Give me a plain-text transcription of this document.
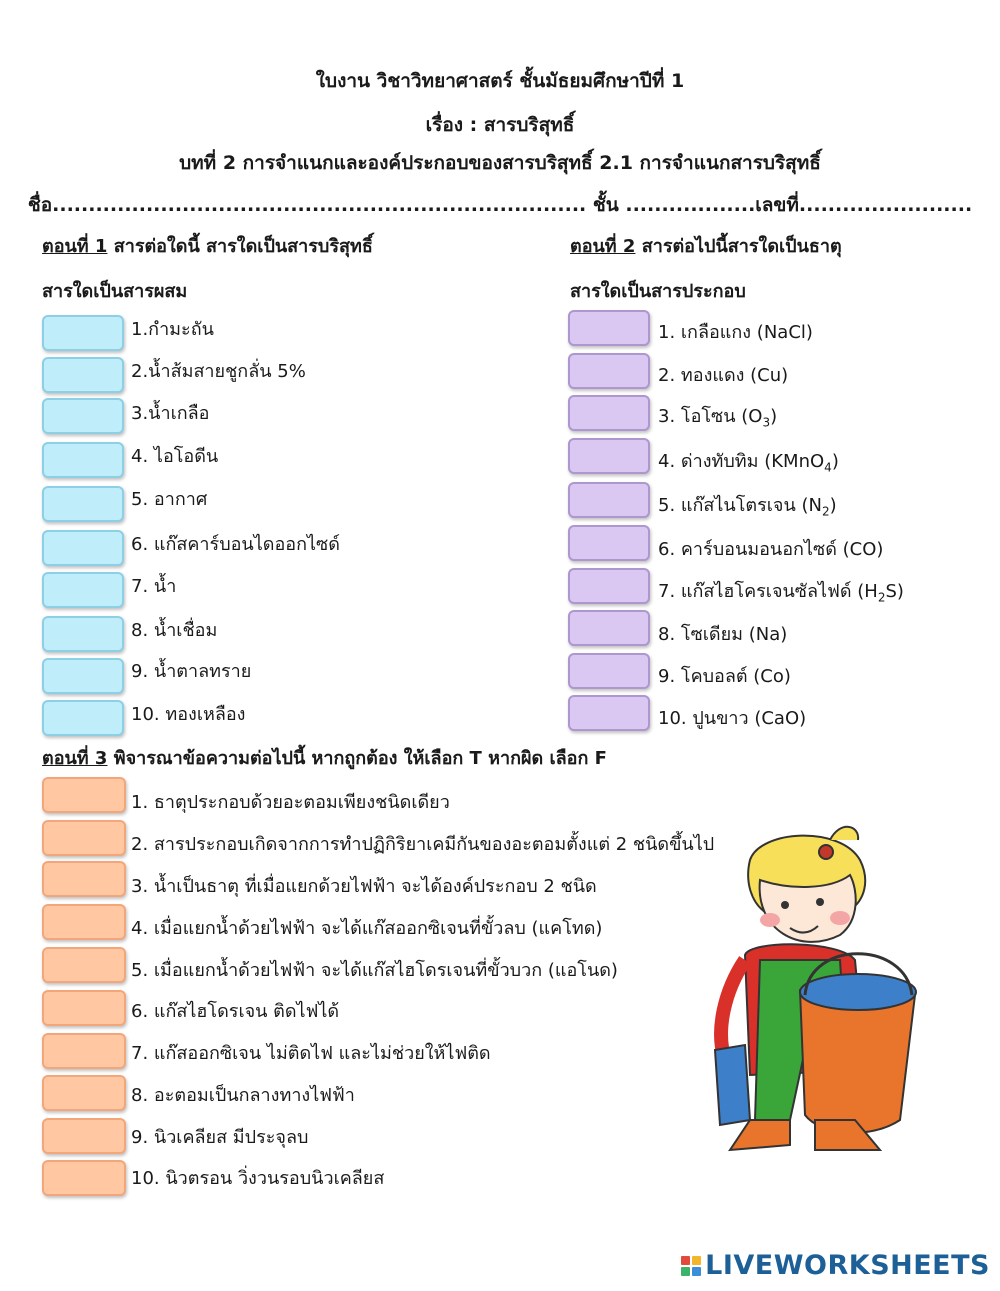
ใบงาน วิชาวิทยาศาสตร์ ชั้นมัธยมศึกษาปีที่ 1
เรื่อง : สารบริสุทธิ์
บทที่ 2 การจำแนกและองค์ประกอบของสารบริสุทธิ์ 2.1 การจำแนกสารบริสุทธิ์
ชื่อ.......................................................................... ชั้น ..................เลขที่........................
ตอนที่ 1 สารต่อใดนี้ สารใดเป็นสารบริสุทธิ์
สารใดเป็นสารผสม
1.กำมะถัน
2.น้ำส้มสายชูกลั่น 5%
3.น้ำเกลือ
4. ไอโอดีน
5. อากาศ
6. แก๊สคาร์บอนไดออกไซด์
7. น้ำ
8. น้ำเชื่อม
9. น้ำตาลทราย
10. ทองเหลือง
ตอนที่ 2 สารต่อไปนี้สารใดเป็นธาตุ
สารใดเป็นสารประกอบ
1. เกลือแกง (NaCl)
2. ทองแดง (Cu)
3. โอโซน $(O_3)$
4. ด่างทับทิม (KMnO$_4$)
5. แก๊สไนโตรเจน $(N_2)$
6. คาร์บอนมอนอกไซด์ (CO)
7. แก๊สไฮโครเจนซัลไฟด์ $(H_2S)$
8. โซเดียม (Na)
9. โคบอลต์ (Co)
10. ปูนขาว (CaO)
ตอนที่ 3 พิจารณาข้อความต่อไปนี้ หากถูกต้อง ให้เลือก T หากผิด เลือก F
1. ธาตุประกอบด้วยอะตอมเพียงชนิดเดียว
2. สารประกอบเกิดจากการทำปฏิกิริยาเคมีกันของอะตอมตั้งแต่ 2 ชนิดขึ้นไป
3. น้ำเป็นธาตุ ที่เมื่อแยกด้วยไฟฟ้า จะได้องค์ประกอบ 2 ชนิด
4. เมื่อแยกน้ำด้วยไฟฟ้า จะได้แก๊สออกซิเจนที่ขั้วลบ (แคโทด)
5. เมื่อแยกน้ำด้วยไฟฟ้า จะได้แก๊สไฮโดรเจนที่ขั้วบวก (แอโนด)
6. แก๊สไฮโดรเจน ติดไฟได้
7. แก๊สออกซิเจน ไม่ติดไฟ และไม่ช่วยให้ไฟติด
8. อะตอมเป็นกลางทางไฟฟ้า
9. นิวเคลียส มีประจุลบ
10. นิวตรอน วิ่งวนรอบนิวเคลียส
LIVEWORKSHEETS
